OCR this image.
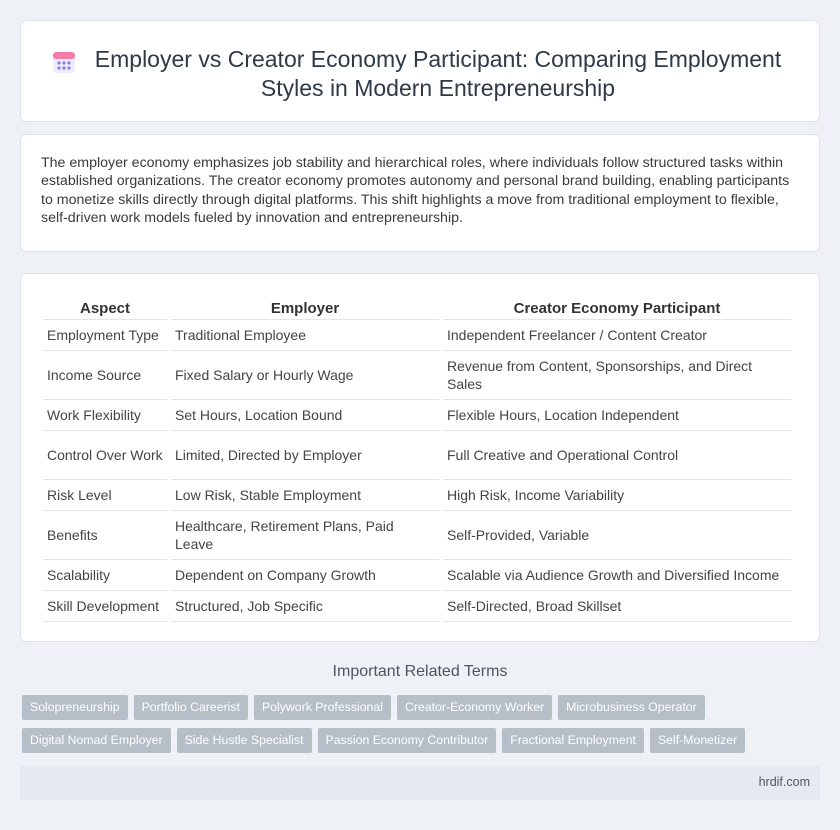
Employer vs Creator Economy Participant: Comparing Employment Styles in Modern Entrepreneurship

The employer economy emphasizes job stability and hierarchical roles, where individuals follow structured tasks within established organizations. The creator economy promotes autonomy and personal brand building, enabling participants to monetize skills directly through digital platforms. This shift highlights a move from traditional employment to flexible, self-driven work models fueled by innovation and entrepreneurship.

Aspect	Employer	Creator Economy Participant
Employment Type	Traditional Employee	Independent Freelancer / Content Creator
Income Source	Fixed Salary or Hourly Wage	Revenue from Content, Sponsorships, and Direct Sales
Work Flexibility	Set Hours, Location Bound	Flexible Hours, Location Independent
Control Over Work	Limited, Directed by Employer	Full Creative and Operational Control
Risk Level	Low Risk, Stable Employment	High Risk, Income Variability
Benefits	Healthcare, Retirement Plans, Paid Leave	Self-Provided, Variable
Scalability	Dependent on Company Growth	Scalable via Audience Growth and Diversified Income
Skill Development	Structured, Job Specific	Self-Directed, Broad Skillset
Important Related Terms
Solopreneurship	Portfolio Careerist	Polywork Professional	Creator-Economy Worker	Microbusiness Operator
Digital Nomad Employer	Side Hustle Specialist	Passion Economy Contributor	Fractional Employment	Self-Monetizer
hrdif.com
